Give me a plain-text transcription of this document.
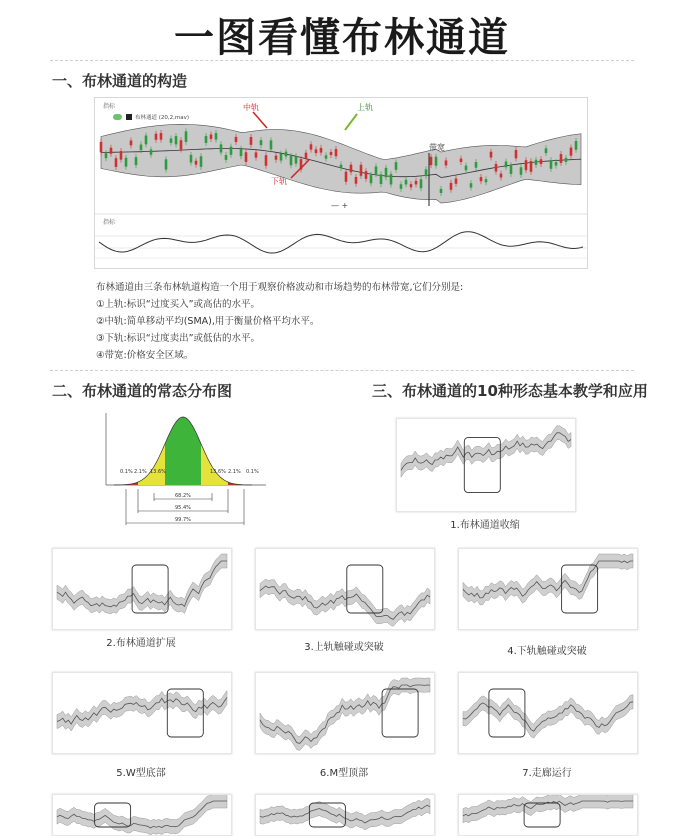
一图看懂布林通道
一、布林通道的构造
指标
布林通道 (20,2,mav)
中轨	上轨
下轨
带宽
— +
指标
布林通道由三条布林轨道构造一个用于观察价格波动和市场趋势的布林带宽,它们分别是:
①上轨:标识“过度买入”或高估的水平。
②中轨:简单移动平均(SMA),用于衡量价格平均水平。
③下轨:标识“过度卖出”或低估的水平。
④带宽:价格安全区域。
二、布林通道的常态分布图
0.1% 2.1% 13.6%	13.6% 2.1% 0.1%
68.2%
95.4%
99.7%
三、布林通道的10种形态基本教学和应用
1.布林通道收缩
2.布林通道扩展	3.上轨触碰或突破	4.下轨触碰或突破
5.W型底部	6.M型顶部	7.走廊运行
